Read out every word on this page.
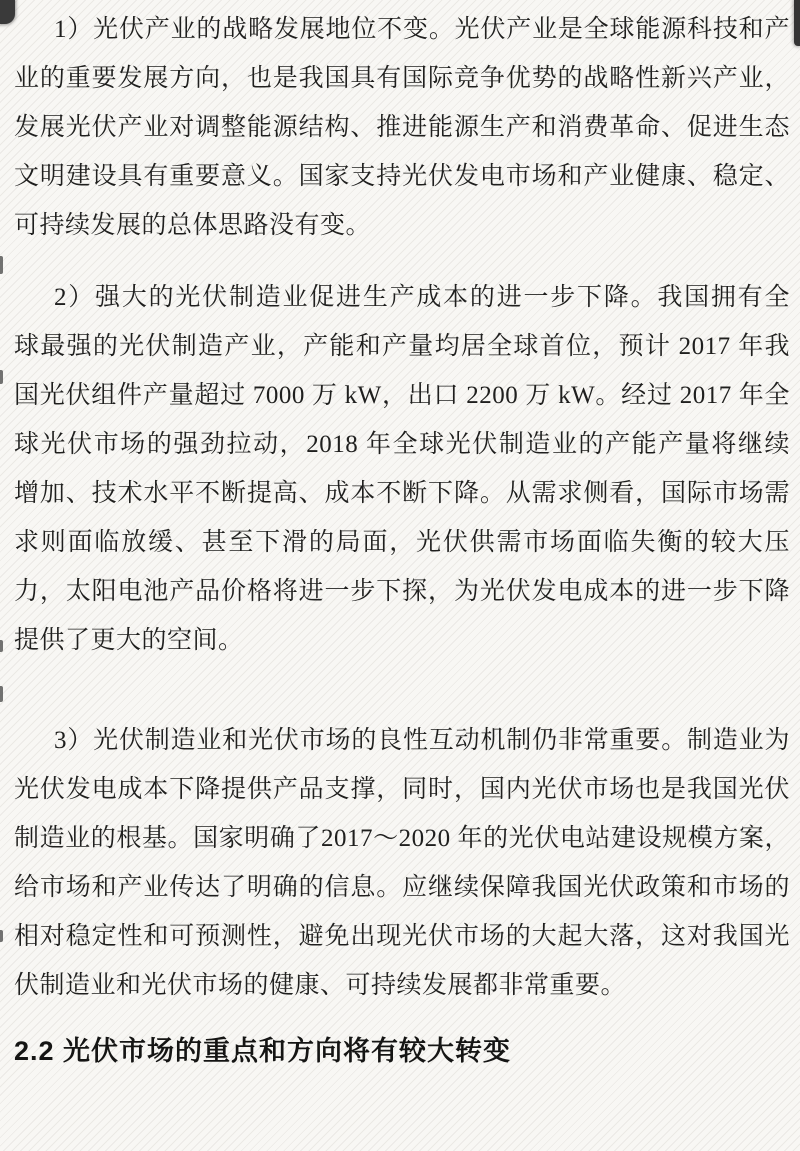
1）光伏产业的战略发展地位不变。光伏产业是全球能源科技和产
业的重要发展方向，也是我国具有国际竞争优势的战略性新兴产业，
发展光伏产业对调整能源结构、推进能源生产和消费革命、促进生态
文明建设具有重要意义。国家支持光伏发电市场和产业健康、稳定、
可持续发展的总体思路没有变。
2）强大的光伏制造业促进生产成本的进一步下降。我国拥有全
球最强的光伏制造产业，产能和产量均居全球首位，预计 2017 年我
国光伏组件产量超过 7000 万 kW，出口 2200 万 kW。经过 2017 年全
球光伏市场的强劲拉动，2018 年全球光伏制造业的产能产量将继续
增加、技术水平不断提高、成本不断下降。从需求侧看，国际市场需
求则面临放缓、甚至下滑的局面，光伏供需市场面临失衡的较大压
力，太阳电池产品价格将进一步下探，为光伏发电成本的进一步下降
提供了更大的空间。
3）光伏制造业和光伏市场的良性互动机制仍非常重要。制造业为
光伏发电成本下降提供产品支撑，同时，国内光伏市场也是我国光伏
制造业的根基。国家明确了2017～2020 年的光伏电站建设规模方案，
给市场和产业传达了明确的信息。应继续保障我国光伏政策和市场的
相对稳定性和可预测性，避免出现光伏市场的大起大落，这对我国光
伏制造业和光伏市场的健康、可持续发展都非常重要。
2.2 光伏市场的重点和方向将有较大转变
